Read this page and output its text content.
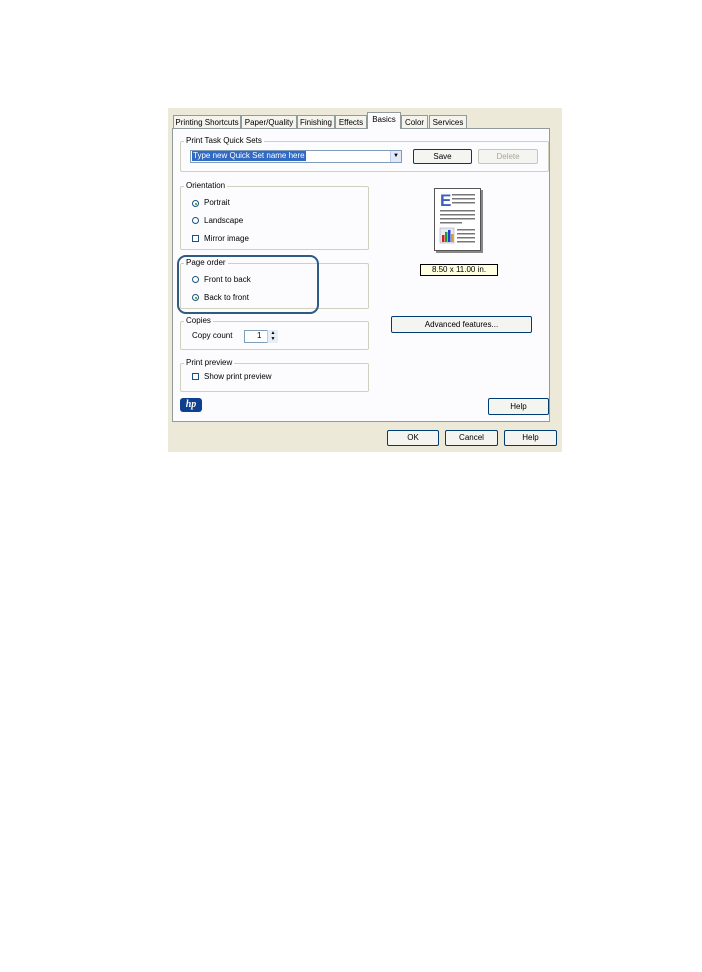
Printing Shortcuts Paper/Quality Finishing Effects	Basics	Color	Services
Print Task Quick Sets
Type new Quick Set name here	▼	Save	Delete
Orientation
Portrait
Landscape
Mirror image
Page order
Front to back
Back to front
Copies
Copy count	1	▲
▼
Print preview
Show print preview
E
8.50 x 11.00 in.
Advanced features...
hp	Help
OK	Cancel	Help
